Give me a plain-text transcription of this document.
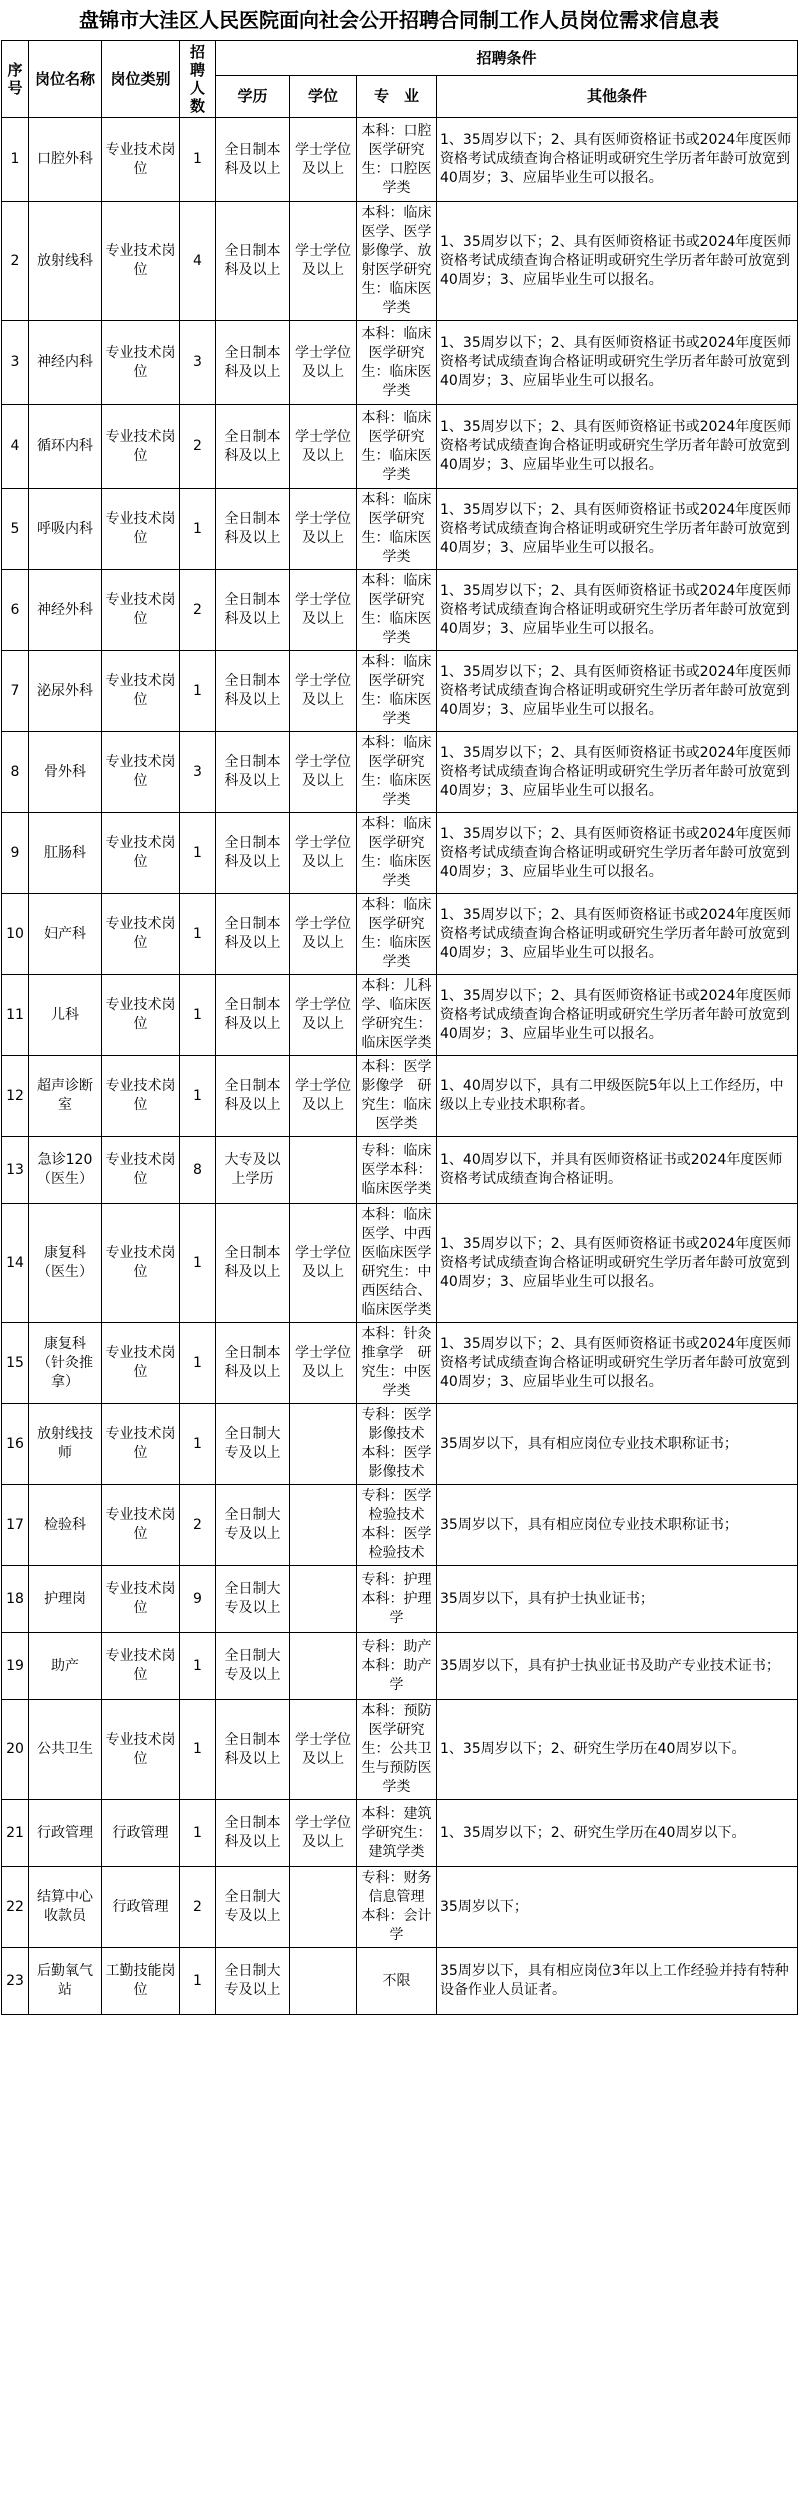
盘锦市大洼区人民医院面向社会公开招聘合同制工作人员岗位需求信息表
序号	岗位名称	岗位类别	招聘人数	招聘条件			
				学历	学位	专　业	其他条件
1	口腔外科	专业技术岗位	1	全日制本科及以上	学士学位及以上	本科：口腔医学研究生：口腔医学类	1、35周岁以下；2、具有医师资格证书或2024年度医师资格考试成绩查询合格证明或研究生学历者年龄可放宽到40周岁；3、应届毕业生可以报名。
2	放射线科	专业技术岗位	4	全日制本科及以上	学士学位及以上	本科：临床医学、医学影像学、放射医学研究生：临床医学类	1、35周岁以下；2、具有医师资格证书或2024年度医师资格考试成绩查询合格证明或研究生学历者年龄可放宽到40周岁；3、应届毕业生可以报名。
3	神经内科	专业技术岗位	3	全日制本科及以上	学士学位及以上	本科：临床医学研究生：临床医学类	1、35周岁以下；2、具有医师资格证书或2024年度医师资格考试成绩查询合格证明或研究生学历者年龄可放宽到40周岁；3、应届毕业生可以报名。
4	循环内科	专业技术岗位	2	全日制本科及以上	学士学位及以上	本科：临床医学研究生：临床医学类	1、35周岁以下；2、具有医师资格证书或2024年度医师资格考试成绩查询合格证明或研究生学历者年龄可放宽到40周岁；3、应届毕业生可以报名。
5	呼吸内科	专业技术岗位	1	全日制本科及以上	学士学位及以上	本科：临床医学研究生：临床医学类	1、35周岁以下；2、具有医师资格证书或2024年度医师资格考试成绩查询合格证明或研究生学历者年龄可放宽到40周岁；3、应届毕业生可以报名。
6	神经外科	专业技术岗位	2	全日制本科及以上	学士学位及以上	本科：临床医学研究生：临床医学类	1、35周岁以下；2、具有医师资格证书或2024年度医师资格考试成绩查询合格证明或研究生学历者年龄可放宽到40周岁；3、应届毕业生可以报名。
7	泌尿外科	专业技术岗位	1	全日制本科及以上	学士学位及以上	本科：临床医学研究生：临床医学类	1、35周岁以下；2、具有医师资格证书或2024年度医师资格考试成绩查询合格证明或研究生学历者年龄可放宽到40周岁；3、应届毕业生可以报名。
8	骨外科	专业技术岗位	3	全日制本科及以上	学士学位及以上	本科：临床医学研究生：临床医学类	1、35周岁以下；2、具有医师资格证书或2024年度医师资格考试成绩查询合格证明或研究生学历者年龄可放宽到40周岁；3、应届毕业生可以报名。
9	肛肠科	专业技术岗位	1	全日制本科及以上	学士学位及以上	本科：临床医学研究生：临床医学类	1、35周岁以下；2、具有医师资格证书或2024年度医师资格考试成绩查询合格证明或研究生学历者年龄可放宽到40周岁；3、应届毕业生可以报名。
10	妇产科	专业技术岗位	1	全日制本科及以上	学士学位及以上	本科：临床医学研究生：临床医学类	1、35周岁以下；2、具有医师资格证书或2024年度医师资格考试成绩查询合格证明或研究生学历者年龄可放宽到40周岁；3、应届毕业生可以报名。
11	儿科	专业技术岗位	1	全日制本科及以上	学士学位及以上	本科：儿科学、临床医学研究生：临床医学类	1、35周岁以下；2、具有医师资格证书或2024年度医师资格考试成绩查询合格证明或研究生学历者年龄可放宽到40周岁；3、应届毕业生可以报名。
12	超声诊断室	专业技术岗位	1	全日制本科及以上	学士学位及以上	本科：医学影像学　研究生：临床医学类	1、40周岁以下，具有二甲级医院5年以上工作经历，中级以上专业技术职称者。
13	急诊120（医生）	专业技术岗位	8	大专及以上学历		专科：临床医学本科：临床医学类	1、40周岁以下，并具有医师资格证书或2024年度医师资格考试成绩查询合格证明。
14	康复科（医生）	专业技术岗位	1	全日制本科及以上	学士学位及以上	本科：临床医学、中西医临床医学研究生：中西医结合、临床医学类	1、35周岁以下；2、具有医师资格证书或2024年度医师资格考试成绩查询合格证明或研究生学历者年龄可放宽到40周岁；3、应届毕业生可以报名。
15	康复科（针灸推拿）	专业技术岗位	1	全日制本科及以上	学士学位及以上	本科：针灸推拿学　研究生：中医学类	1、35周岁以下；2、具有医师资格证书或2024年度医师资格考试成绩查询合格证明或研究生学历者年龄可放宽到40周岁；3、应届毕业生可以报名。
16	放射线技师	专业技术岗位	1	全日制大专及以上		专科：医学影像技术　本科：医学影像技术	35周岁以下，具有相应岗位专业技术职称证书；
17	检验科	专业技术岗位	2	全日制大专及以上		专科：医学检验技术　本科：医学检验技术	35周岁以下，具有相应岗位专业技术职称证书；
18	护理岗	专业技术岗位	9	全日制大专及以上		专科：护理本科：护理学	35周岁以下，具有护士执业证书；
19	助产	专业技术岗位	1	全日制大专及以上		专科：助产本科：助产学	35周岁以下，具有护士执业证书及助产专业技术证书；
20	公共卫生	专业技术岗位	1	全日制本科及以上	学士学位及以上	本科：预防医学研究生：公共卫生与预防医学类	1、35周岁以下；2、研究生学历在40周岁以下。
21	行政管理	行政管理	1	全日制本科及以上	学士学位及以上	本科：建筑学研究生：建筑学类	1、35周岁以下；2、研究生学历在40周岁以下。
22	结算中心收款员	行政管理	2	全日制大专及以上		专科：财务信息管理　本科：会计学	35周岁以下；
23	后勤氧气站	工勤技能岗位	1	全日制大专及以上		不限	35周岁以下，具有相应岗位3年以上工作经验并持有特种设备作业人员证者。
